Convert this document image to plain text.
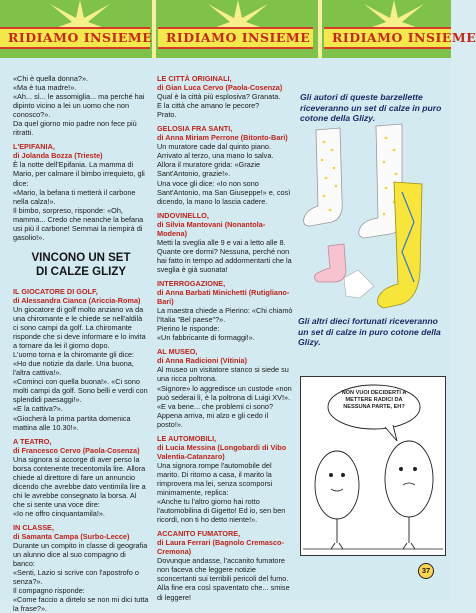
RIDIAMO INSIEME	RIDIAMO INSIEME	RIDIAMO INSIEME

«Chi è quella donna?».

«Ma è tua madre!».

«Ah... sì... le assomiglia... ma perché hai dipinto vicino a lei un uomo che non conosco?».

Da quel giorno mio padre non fece più ritratti.

L'EPIFANIA,

di Jolanda Bozza (Trieste)

È la notte dell'Epifania. La mamma di Mario, per calmare il bimbo irrequieto, gli dice:

«Mario, la befana ti metterà il carbone nella calza!».

Il bimbo, sorpreso, risponde: «Oh, mamma... Credo che neanche la befana usi più il carbone! Semmai la riempirà di gasolio!».

VINCONO UN SET
DI CALZE GLIZY

IL GIOCATORE DI GOLF,

di Alessandra Cianca (Ariccia-Roma)

Un giocatore di golf molto anziano va da una chiromante e le chiede se nell'aldilà ci sono campi da golf. La chiromante risponde che si deve informare e lo invita a tornare da lei il giorno dopo.

L'uomo torna e la chiromante gli dice:

«Ho due notizie da darle. Una buona, l'altra cattiva!».

«Cominci con quella buona!». «Ci sono molti campi da golf. Sono belli e verdi con splendidi paesaggi!».

«E la cattiva?».

«Giocherà la prima partita domenica mattina alle 10.30!».

A TEATRO,

di Francesco Cervo (Paola-Cosenza)

Una signora si accorge di aver perso la borsa contenente trecentomila lire. Allora chiede al direttore di fare un annuncio dicendo che avrebbe dato ventimila lire a chi le avrebbe consegnato la borsa. Al che si sente una voce dire:

«Io ne offro cinquantamila!».

IN CLASSE,

di Samanta Campa (Surbo-Lecce)

Durante un compito in classe di geografia un alunno dice al suo compagno di banco:

«Senti, Lazio si scrive con l'apostrofo o senza?».

Il compagno risponde:

«Come faccio a dirtelo se non mi dici tutta la frase?».

LE CITTÀ ORIGINALI,

di Gian Luca Cervo (Paola-Cosenza)

Qual è la città più esplosiva? Granata.

E la città che amano le pecore?

Prato.

GELOSIA FRA SANTI,

di Anna Miriam Perrone (Bitonto-Bari)

Un muratore cade dal quinto piano. Arrivato al terzo, una mano lo salva. Allora il muratore grida: «Grazie Sant'Antonio, grazie!».

Una voce gli dice: «Io non sono Sant'Antonio, ma San Giuseppe!» e, così dicendo, la mano lo lascia cadere.

INDOVINELLO,

di Silvia Mantovani (Nonantola-Modena)

Metti la sveglia alle 9 e vai a letto alle 8. Quante ore dormi? Nessuna, perché non hai fatto in tempo ad addormentarti che la sveglia è già suonata!

INTERROGAZIONE,

di Anna Barbati Minichetti (Rutigliano-Bari)

La maestra chiede a Pierino: «Chi chiamò l'Italia "Bel paese"?».

Pierino le risponde:

«Un fabbricante di formaggi!».

AL MUSEO,

di Anna Radicioni (Vitinia)

Al museo un visitatore stanco si siede su una ricca poltrona.

«Signore» lo aggredisce un custode «non può sederai lì, è la poltrona di Luigi XV!».

«E va bene... che problemi ci sono? Appena arriva, mi alzo e gli cedo il posto!».

LE AUTOMOBILI,

di Lucia Messina (Longobardi di Vibo Valentia-Catanzaro)

Una signora rompe l'automobile del marito. Di ritorno a casa, il marito la rimprovera ma lei, senza scomporsi minimamente, replica:

«Anche tu l'altro giorno hai rotto l'automobilina di Gigetto! Ed io, sen ben ricordi, non ti ho detto niente!».

ACCANITO FUMATORE,

di Laura Ferrari (Bagnolo Cremasco-Cremona)

Dovunque andasse, l'accanito fumatore non faceva che leggere notizie sconcertanti sui terribili pericoli del fumo. Alla fine era così spaventato che... smise di leggere!

Gli autori di queste barzellette riceveranno un set di calze in puro cotone della Glizy.
Gli altri dieci fortunati riceveranno un set di calze in puro cotone della Glizy.
NON VUOI DECIDERTI A METTERE RADICI DA NESSUNA PARTE, EH?
37
